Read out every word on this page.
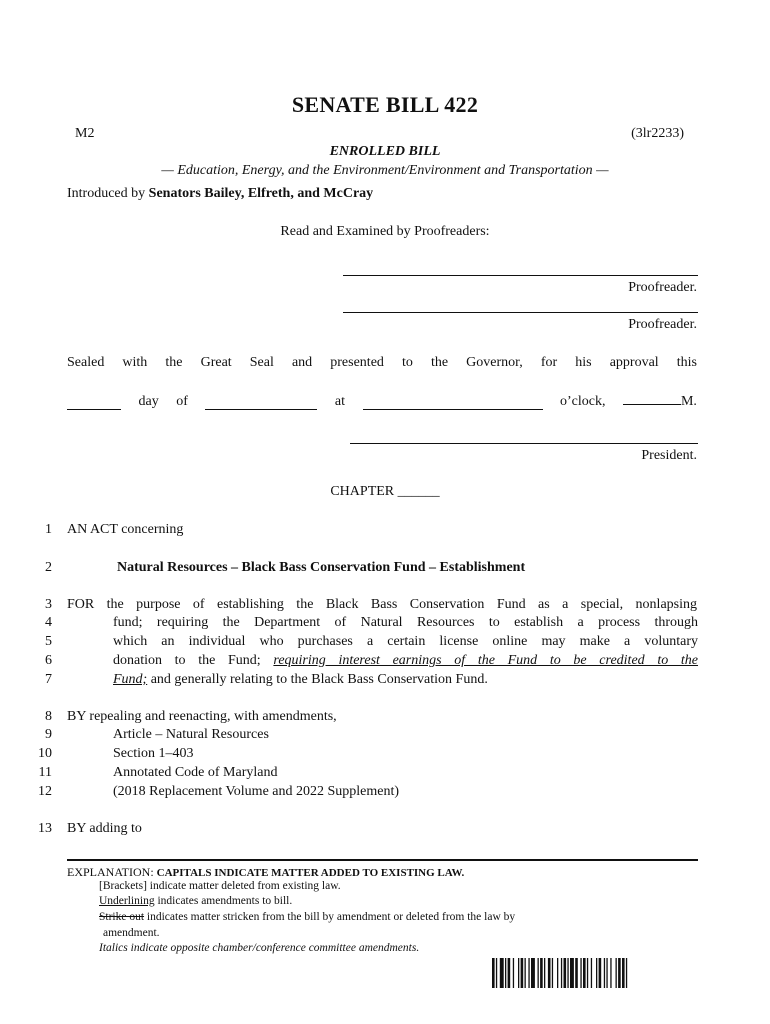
SENATE BILL 422
M2	(3lr2233)
ENROLLED BILL
— Education, Energy, and the Environment/Environment and Transportation —
Introduced by Senators Bailey, Elfreth, and McCray
Read and Examined by Proofreaders:
Proofreader.
Proofreader.
Sealed with the Great Seal and presented to the Governor, for his approval this
day of	at	o’clock,	M.
President.
CHAPTER ______
1 AN ACT concerning
2	Natural Resources – Black Bass Conservation Fund – Establishment
3 FOR the purpose of establishing the Black Bass Conservation Fund as a special, nonlapsing
4	fund; requiring the Department of Natural Resources to establish a process through
5	which an individual who purchases a certain license online may make a voluntary
6	donation to the Fund; requiring interest earnings of the Fund to be credited to the
7	Fund; and generally relating to the Black Bass Conservation Fund.
8 BY repealing and reenacting, with amendments,
9	Article – Natural Resources
10	Section 1–403
11	Annotated Code of Maryland
12	(2018 Replacement Volume and 2022 Supplement)
13 BY adding to
EXPLANATION: CAPITALS INDICATE MATTER ADDED TO EXISTING LAW.
[Brackets] indicate matter deleted from existing law.
Underlining indicates amendments to bill.
Strike out indicates matter stricken from the bill by amendment or deleted from the law by
amendment.
Italics indicate opposite chamber/conference committee amendments.
